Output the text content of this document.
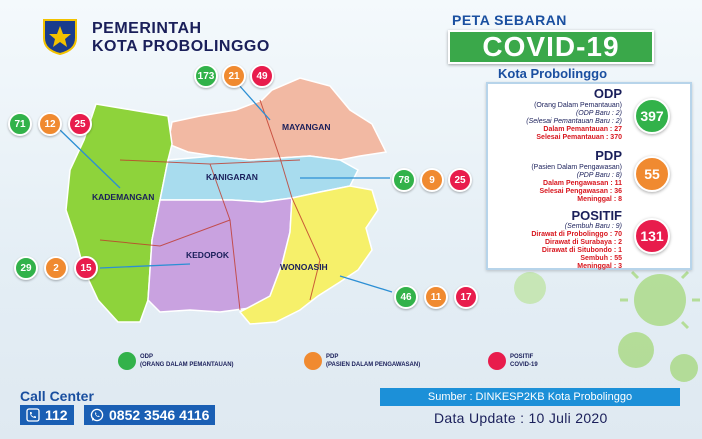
PEMERINTAH
KOTA PROBOLINGGO
PETA SEBARAN
COVID-19
Kota Probolinggo
MAYANGAN
KADEMANGAN
KANIGARAN
KEDOPOK
WONOASIH
173	21	49
71	12	25
78	9	25
29	2	15
46	11	17
ODP
(Orang Dalam Pemantauan)
(ODP Baru : 2)
(Selesai Pemantauan Baru : 2)
Dalam Pemantauan : 27
Selesai Pemantauan : 370
397
PDP
(Pasien Dalam Pengawasan)
(PDP Baru : 8)
Dalam Pengawasan : 11
Selesai Pengawasan : 36
Meninggal : 8
55
POSITIF
(Sembuh Baru : 9)
Dirawat di Probolinggo : 70
Dirawat di Surabaya : 2
Dirawat di Situbondo : 1
Sembuh : 55
Meninggal : 3
131
ODP
(ORANG DALAM PEMANTAUAN)
PDP
(PASIEN DALAM PENGAWASAN)
POSITIF
COVID-19
Call Center
112	0852 3546 4116
Sumber : DINKESP2KB Kota Probolinggo
Data Update : 10 Juli 2020
